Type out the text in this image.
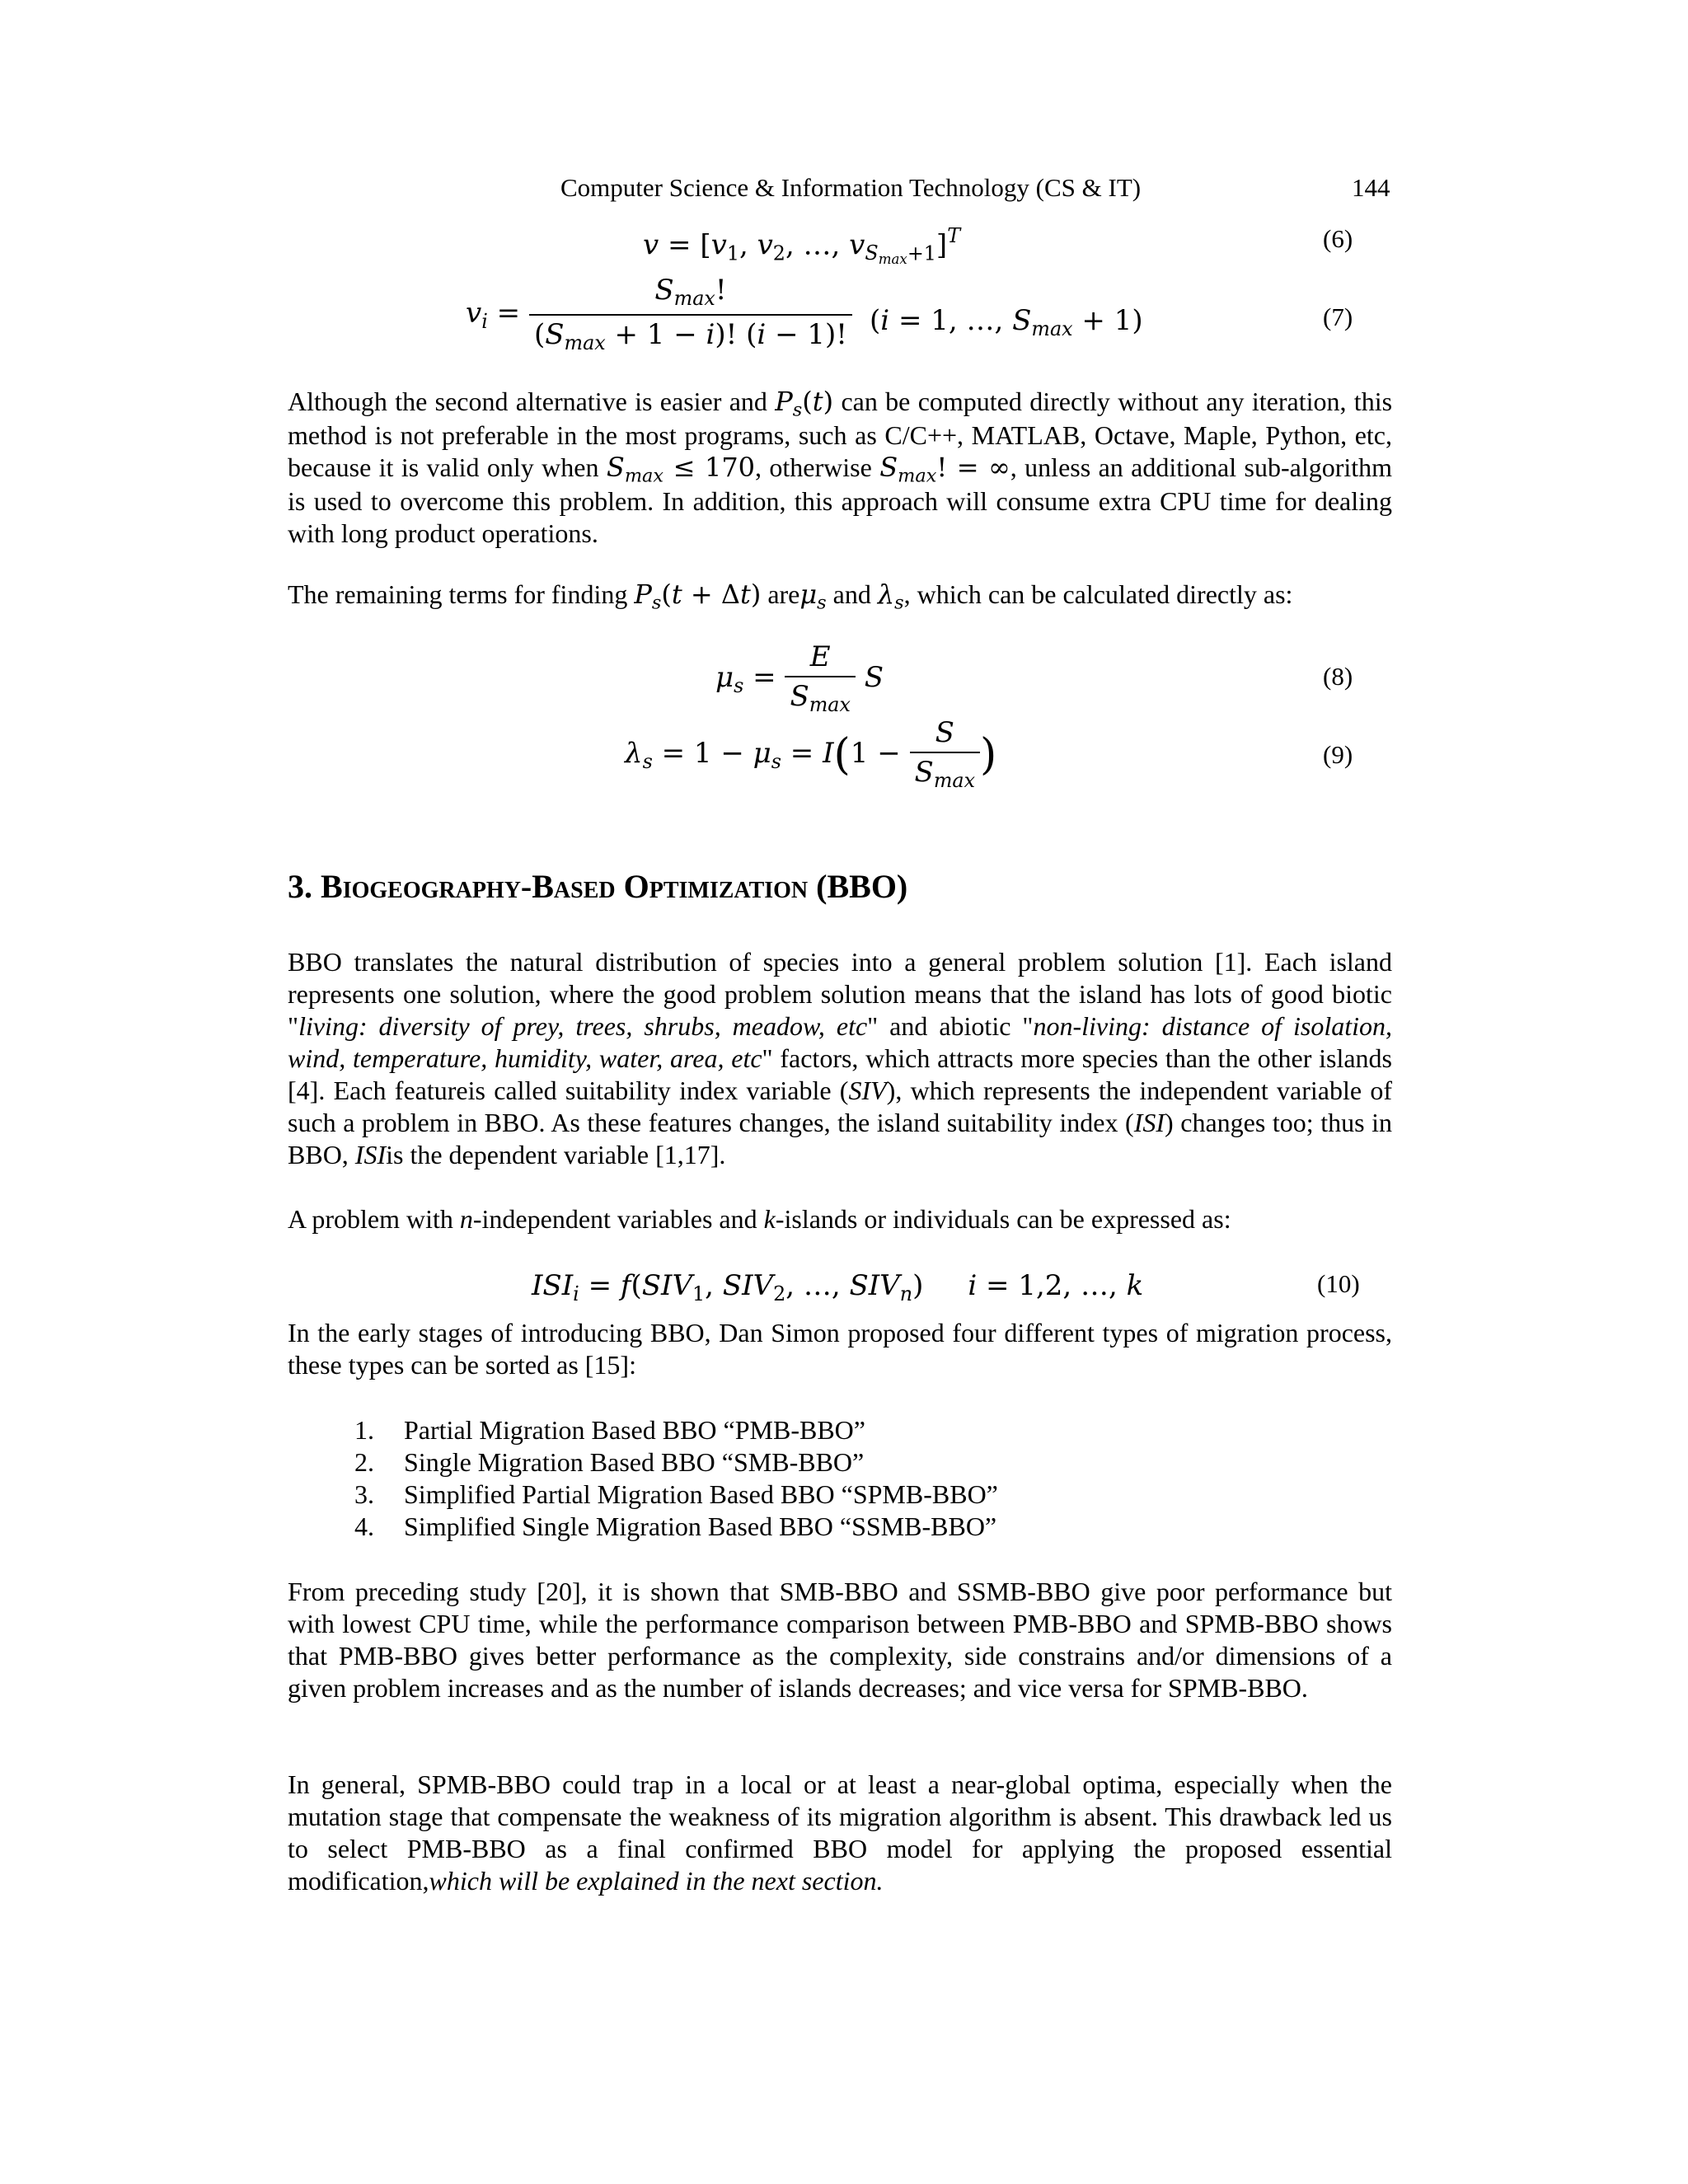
Computer Science & Information Technology (CS & IT)	144
$v = [v_1$, $v_2$, …, $v_{S_{max}+1}]^T$	(6)
$v_i = \frac{S_{max}!}{(S_{max} + 1 - i)! (i - 1)!} (i = 1$, …, $S_{max} + 1$)	(7)
Although the second alternative is easier and $P_s(t)$ can be computed directly without any iteration, this method is not preferable in the most programs, such as C/C++, MATLAB, Octave, Maple, Python, etc, because it is valid only when $S_{max} \le 170$, otherwise $S_{max}$! = ∞, unless an additional sub-algorithm is used to overcome this problem. In addition, this approach will consume extra CPU time for dealing with long product operations.
The remaining terms for finding $P_s(t + \Delta t)$ areμ$_s$ and $\lambda_s$, which can be calculated directly as:
$\mu_s = \frac{E}{S_{max}}$ S	(8)
$\lambda_s = 1 - \mu_s = I(1 - \frac{S}{S_{max}}$ )	(9)
3. Biogeography-Based Optimization (BBO)
BBO translates the natural distribution of species into a general problem solution [1]. Each island represents one solution, where the good problem solution means that the island has lots of good biotic "living: diversity of prey, trees, shrubs, meadow, etc" and abiotic "non-living: distance of isolation, wind, temperature, humidity, water, area, etc" factors, which attracts more species than the other islands [4]. Each featureis called suitability index variable (SIV), which represents the independent variable of such a problem in BBO. As these features changes, the island suitability index (ISI) changes too; thus in BBO, ISIis the dependent variable [1,17].
A problem with n-independent variables and k-islands or individuals can be expressed as:
$ISI_i = f(SIV_1$, $SIV_2$, …, $SIV_n$)     i = 1,2, …, k	(10)
In the early stages of introducing BBO, Dan Simon proposed four different types of migration process, these types can be sorted as [15]:
1. Partial Migration Based BBO “PMB-BBO”
2. Single Migration Based BBO “SMB-BBO”
3. Simplified Partial Migration Based BBO “SPMB-BBO”
4. Simplified Single Migration Based BBO “SSMB-BBO”
From preceding study [20], it is shown that SMB-BBO and SSMB-BBO give poor performance but with lowest CPU time, while the performance comparison between PMB-BBO and SPMB-BBO shows that PMB-BBO gives better performance as the complexity, side constrains and/or dimensions of a given problem increases and as the number of islands decreases; and vice versa for SPMB-BBO.
In general, SPMB-BBO could trap in a local or at least a near-global optima, especially when the mutation stage that compensate the weakness of its migration algorithm is absent. This drawback led us to select PMB-BBO as a final confirmed BBO model for applying the proposed essential modification,which will be explained in the next section.
